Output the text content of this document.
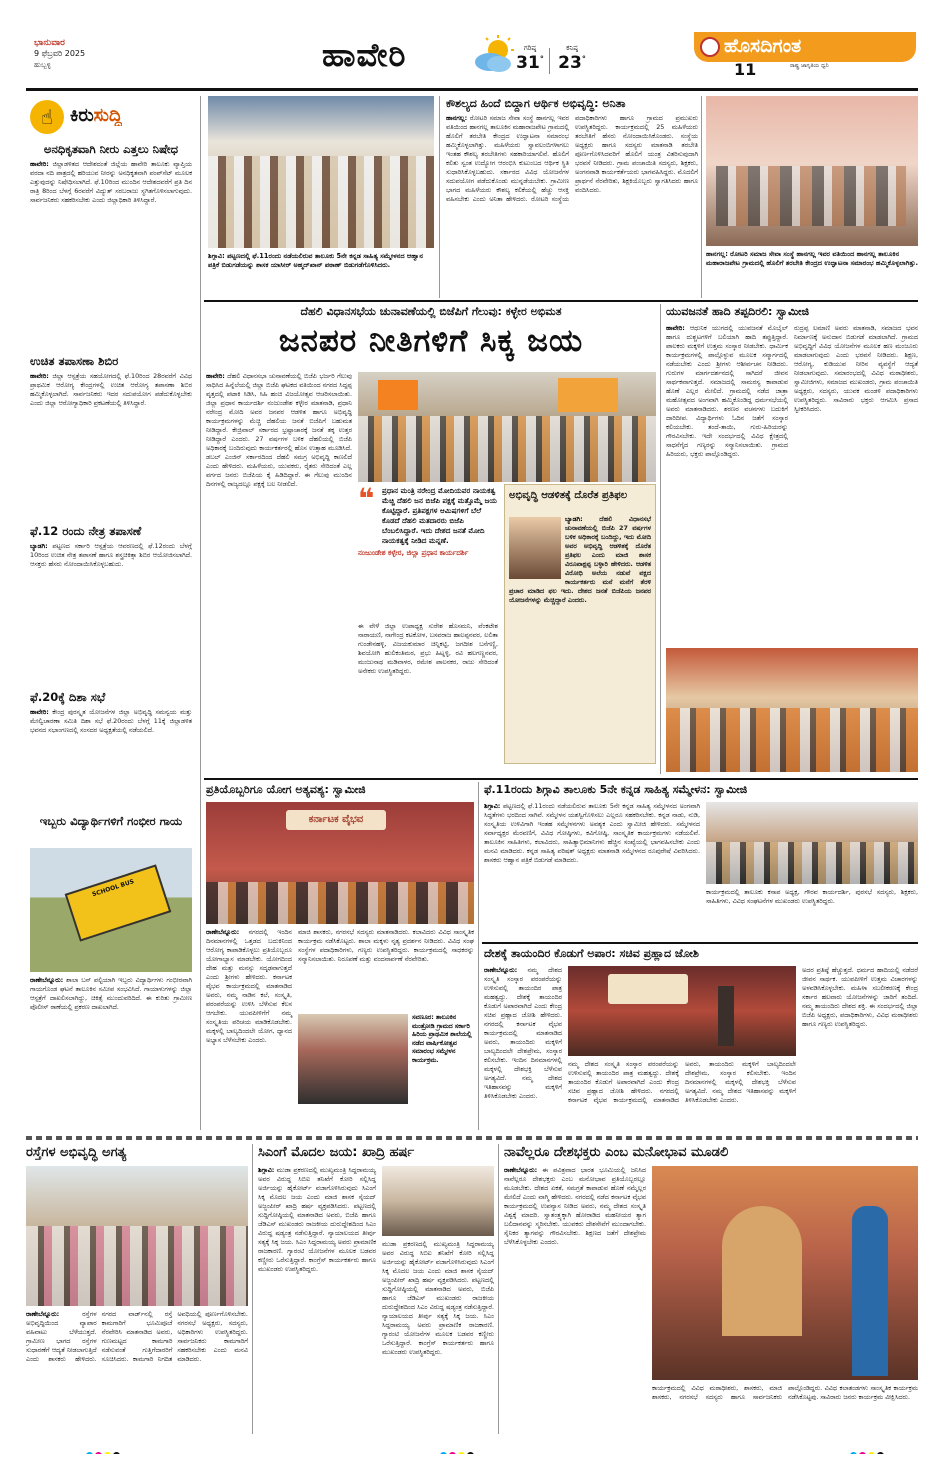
ಭಾನುವಾರ
9 ಫೆಬ್ರವರಿ 2025
ಹುಬ್ಬಳ್ಳಿ	ಹಾವೇರಿ	ಗರಿಷ್ಠ
31°
ಕನಿಷ್ಠ
23°
ಹೊಸದಿಗಂತ
ರಾಷ್ಟ್ರ ಜಾಗೃತಿಯ ಧ್ವನಿ
11
☝ ಕಿರುಸುದ್ದಿ
ಅನಧಿಕೃತವಾಗಿ ನೀರು ಎತ್ತಲು ನಿಷೇಧ
ಹಾವೇರಿ: ಜಿಲ್ಲಾಡಳಿತದ ಆದೇಶದಂತೆ ಜಿಲ್ಲೆಯ ಹಾವೇರಿ ತಾಲೂಕು ವ್ಯಾಪ್ತಿಯ ವರದಾ ನದಿ ಪಾತ್ರದಲ್ಲಿ ಹರಿಯುವ ನೀರನ್ನು ಅನಧಿಕೃತವಾಗಿ ಪಂಪ್‌ಸೆಟ್ ಮೂಲಕ ಎತ್ತುವುದನ್ನು ನಿಷೇಧಿಸಲಾಗಿದೆ. ಫೆ.10ರಿಂದ ಮುಂದಿನ ಆದೇಶದವರೆಗೆ ಪ್ರತಿ ದಿನ ರಾತ್ರಿ 8ರಿಂದ ಬೆಳಗ್ಗೆ 6ರವರೆಗೆ ವಿದ್ಯುತ್ ಸರಬರಾಜು ಸ್ಥಗಿತಗೊಳಿಸಲಾಗುವುದು. ಸಾರ್ವಜನಿಕರು ಸಹಕರಿಸಬೇಕು ಎಂದು ಜಿಲ್ಲಾಧಿಕಾರಿ ತಿಳಿಸಿದ್ದಾರೆ.
ಉಚಿತ ತಪಾಸಣಾ ಶಿಬಿರ
ಹಾವೇರಿ: ಜಿಲ್ಲಾ ಆಸ್ಪತ್ರೆಯ ಸಹಯೋಗದಲ್ಲಿ ಫೆ.10ರಿಂದ 28ರವರೆಗೆ ವಿವಿಧ ಪ್ರಾಥಮಿಕ ಆರೋಗ್ಯ ಕೇಂದ್ರಗಳಲ್ಲಿ ಉಚಿತ ಆರೋಗ್ಯ ತಪಾಸಣಾ ಶಿಬಿರ ಹಮ್ಮಿಕೊಳ್ಳಲಾಗಿದೆ. ಸಾರ್ವಜನಿಕರು ಇದರ ಸದುಪಯೋಗ ಪಡೆದುಕೊಳ್ಳಬೇಕು ಎಂದು ಜಿಲ್ಲಾ ಆರೋಗ್ಯಾಧಿಕಾರಿ ಪ್ರಕಟಣೆಯಲ್ಲಿ ತಿಳಿಸಿದ್ದಾರೆ.
ಫೆ.12 ರಂದು ನೇತ್ರ ತಪಾಸಣೆ
ಬ್ಯಾಡಗಿ: ಪಟ್ಟಣದ ಸರ್ಕಾರಿ ಆಸ್ಪತ್ರೆಯ ಆವರಣದಲ್ಲಿ ಫೆ.12ರಂದು ಬೆಳಗ್ಗೆ 10ರಿಂದ ಉಚಿತ ನೇತ್ರ ತಪಾಸಣೆ ಹಾಗೂ ಶಸ್ತ್ರಚಿಕಿತ್ಸಾ ಶಿಬಿರ ಆಯೋಜಿಸಲಾಗಿದೆ. ಆಸಕ್ತರು ಹೆಸರು ನೋಂದಾಯಿಸಿಕೊಳ್ಳಬಹುದು.
ಫೆ.20ಕ್ಕೆ ದಿಶಾ ಸಭೆ
ಹಾವೇರಿ: ಕೇಂದ್ರ ಪುರಸ್ಕೃತ ಯೋಜನೆಗಳ ಜಿಲ್ಲಾ ಅಭಿವೃದ್ಧಿ ಸಮನ್ವಯ ಮತ್ತು ಮೇಲ್ವಿಚಾರಣಾ ಸಮಿತಿ ದಿಶಾ ಸಭೆ ಫೆ.20ರಂದು ಬೆಳಗ್ಗೆ 11ಕ್ಕೆ ಜಿಲ್ಲಾಡಳಿತ ಭವನದ ಸಭಾಂಗಣದಲ್ಲಿ ಸಂಸದರ ಅಧ್ಯಕ್ಷತೆಯಲ್ಲಿ ನಡೆಯಲಿದೆ.
ಇಬ್ಬರು ವಿದ್ಯಾರ್ಥಿಗಳಿಗೆ ಗಂಭೀರ ಗಾಯ
SCHOOL BUS
ರಾಣೇಬೆನ್ನೂರು: ಶಾಲಾ ಬಸ್ ಪಲ್ಟಿಯಾಗಿ ಇಬ್ಬರು ವಿದ್ಯಾರ್ಥಿಗಳು ಗಂಭೀರವಾಗಿ ಗಾಯಗೊಂಡ ಘಟನೆ ತಾಲೂಕಿನ ಸಮೀಪ ಸಂಭವಿಸಿದೆ. ಗಾಯಾಳುಗಳನ್ನು ಜಿಲ್ಲಾ ಆಸ್ಪತ್ರೆಗೆ ದಾಖಲಿಸಲಾಗಿದ್ದು, ಚಿಕಿತ್ಸೆ ಮುಂದುವರಿದಿದೆ. ಈ ಕುರಿತು ಗ್ರಾಮೀಣ ಪೊಲೀಸ್ ಠಾಣೆಯಲ್ಲಿ ಪ್ರಕರಣ ದಾಖಲಾಗಿದೆ.
ಶಿಗ್ಗಾವಿ: ಪಟ್ಟಣದಲ್ಲಿ ಫೆ.11ರಂದು ನಡೆಯಲಿರುವ ತಾಲೂಕು 5ನೇ ಕನ್ನಡ ಸಾಹಿತ್ಯ ಸಮ್ಮೇಳನದ ಆಹ್ವಾನ ಪತ್ರಿಕೆ ಬಿಡುಗಡೆಯನ್ನು ಶಾಸಕ ಯಾಸೀರ್ ಅಹ್ಮದ್‌ಖಾನ್ ಪಠಾಣ್ ಬಿಡುಗಡೆಗೊಳಿಸಿದರು.
ಕೌಶಲ್ಯದ ಹಿಂದೆ ಬಿದ್ದಾಗ ಆರ್ಥಿಕ ಅಭಿವೃದ್ಧಿ: ಅನಿತಾ
ಹಾನಗಲ್ಲ: ರೋಟರಿ ಸಮಾಜ ಸೇವಾ ಸಂಸ್ಥೆ ಹಾನಗಲ್ಲ ಇವರ ವತಿಯಿಂದ ಹಾನಗಲ್ಲ ತಾಲೂಕಿನ ಮಹಾರಾಜಪೇಟ ಗ್ರಾಮದಲ್ಲಿ ಹೊಲಿಗೆ ತರಬೇತಿ ಕೇಂದ್ರದ ಉದ್ಘಾಟನಾ ಸಮಾರಂಭ ಹಮ್ಮಿಕೊಳ್ಳಲಾಗಿತ್ತು. ಮಹಿಳೆಯರು ಸ್ವಾವಲಂಬಿಗಳಾಗಲು ಇಂತಹ ಕೌಶಲ್ಯ ತರಬೇತಿಗಳು ಸಹಕಾರಿಯಾಗಲಿವೆ. ಹೊಲಿಗೆ ಕಲಿತು ಸ್ವಂತ ಉದ್ಯೋಗ ಆರಂಭಿಸಿ ಕುಟುಂಬದ ಆರ್ಥಿಕ ಸ್ಥಿತಿ ಸುಧಾರಿಸಿಕೊಳ್ಳಬಹುದು. ಸರ್ಕಾರದ ವಿವಿಧ ಯೋಜನೆಗಳ ಸದುಪಯೋಗ ಪಡೆದುಕೊಂಡು ಮುನ್ನಡೆಯಬೇಕು. ಗ್ರಾಮೀಣ ಭಾಗದ ಮಹಿಳೆಯರು ಕೌಶಲ್ಯ ಕಲಿಕೆಯಲ್ಲಿ ಹೆಚ್ಚು ಆಸಕ್ತಿ ವಹಿಸಬೇಕು ಎಂದು ಅನಿತಾ ಹೇಳಿದರು. ರೋಟರಿ ಸಂಸ್ಥೆಯ ಪದಾಧಿಕಾರಿಗಳು ಹಾಗೂ ಗ್ರಾಮದ ಪ್ರಮುಖರು ಉಪಸ್ಥಿತರಿದ್ದರು. ಕಾರ್ಯಕ್ರಮದಲ್ಲಿ 25 ಮಹಿಳೆಯರು ತರಬೇತಿಗೆ ಹೆಸರು ನೋಂದಾಯಿಸಿಕೊಂಡರು. ಸಂಸ್ಥೆಯ ಅಧ್ಯಕ್ಷರು ಹಾಗೂ ಸದಸ್ಯರು ಮಾತನಾಡಿ ತರಬೇತಿ ಪೂರ್ಣಗೊಳಿಸಿದವರಿಗೆ ಹೊಲಿಗೆ ಯಂತ್ರ ವಿತರಿಸುವುದಾಗಿ ಭರವಸೆ ನೀಡಿದರು. ಗ್ರಾಮ ಪಂಚಾಯಿತಿ ಸದಸ್ಯರು, ಶಿಕ್ಷಕರು, ಅಂಗನವಾಡಿ ಕಾರ್ಯಕರ್ತೆಯರು ಭಾಗವಹಿಸಿದ್ದರು. ಮೊದಲಿಗೆ ಪ್ರಾರ್ಥನೆ ನೆರವೇರಿತು, ಶಿಕ್ಷಕಿಯೊಬ್ಬರು ಸ್ವಾಗತಿಸಿದರು ಹಾಗೂ ವಂದಿಸಿದರು.
ಹಾನಗಲ್ಲ: ರೋಟರಿ ಸಮಾಜ ಸೇವಾ ಸಂಸ್ಥೆ ಹಾನಗಲ್ಲ ಇವರ ವತಿಯಿಂದ ಹಾನಗಲ್ಲ ತಾಲೂಕಿನ ಮಹಾರಾಜಪೇಟ ಗ್ರಾಮದಲ್ಲಿ ಹೊಲಿಗೆ ತರಬೇತಿ ಕೇಂದ್ರದ ಉದ್ಘಾಟನಾ ಸಮಾರಂಭ ಹಮ್ಮಿಕೊಳ್ಳಲಾಗಿತ್ತು.
ದೆಹಲಿ ವಿಧಾನಸಭೆಯ ಚುನಾವಣೆಯಲ್ಲಿ ಬಿಜೆಪಿಗೆ ಗೆಲುವು: ಕಳ್ಳೇರ ಅಭಿಮತ
ಜನಪರ ನೀತಿಗಳಿಗೆ ಸಿಕ್ಕ ಜಯ
ಹಾವೇರಿ: ದೆಹಲಿ ವಿಧಾನಸಭಾ ಚುನಾವಣೆಯಲ್ಲಿ ಬಿಜೆಪಿ ಭರ್ಜರಿ ಗೆಲುವು ಸಾಧಿಸಿದ ಹಿನ್ನೆಲೆಯಲ್ಲಿ ಜಿಲ್ಲಾ ಬಿಜೆಪಿ ಘಟಕದ ವತಿಯಿಂದ ನಗರದ ಸಿದ್ದಪ್ಪ ವೃತ್ತದಲ್ಲಿ ಪಟಾಕಿ ಸಿಡಿಸಿ, ಸಿಹಿ ಹಂಚಿ ವಿಜಯೋತ್ಸವ ಆಚರಿಸಲಾಯಿತು. ಜಿಲ್ಲಾ ಪ್ರಧಾನ ಕಾರ್ಯದರ್ಶಿ ನಂಜುಂಡೇಶ ಕಳ್ಳೇರ ಮಾತನಾಡಿ, ಪ್ರಧಾನಿ ನರೇಂದ್ರ ಮೋದಿ ಅವರ ಜನಪರ ಆಡಳಿತ ಹಾಗೂ ಅಭಿವೃದ್ಧಿ ಕಾರ್ಯಕ್ರಮಗಳನ್ನು ಮೆಚ್ಚಿ ದೆಹಲಿಯ ಜನತೆ ಬಿಜೆಪಿಗೆ ಬಹುಮತ ನೀಡಿದ್ದಾರೆ. ಕೇಜ್ರಿವಾಲ್ ಸರ್ಕಾರದ ಭ್ರಷ್ಟಾಚಾರಕ್ಕೆ ಜನತೆ ತಕ್ಕ ಉತ್ತರ ನೀಡಿದ್ದಾರೆ ಎಂದರು. 27 ವರ್ಷಗಳ ಬಳಿಕ ದೆಹಲಿಯಲ್ಲಿ ಬಿಜೆಪಿ ಅಧಿಕಾರಕ್ಕೆ ಬಂದಿರುವುದು ಕಾರ್ಯಕರ್ತರಲ್ಲಿ ಹೊಸ ಉತ್ಸಾಹ ಮೂಡಿಸಿದೆ. ಡಬಲ್ ಎಂಜಿನ್ ಸರ್ಕಾರದಿಂದ ದೆಹಲಿ ಸಮಗ್ರ ಅಭಿವೃದ್ಧಿ ಕಾಣಲಿದೆ ಎಂದು ಹೇಳಿದರು. ಮಹಿಳೆಯರು, ಯುವಕರು, ರೈತರು ಸೇರಿದಂತೆ ಎಲ್ಲ ವರ್ಗದ ಜನರು ಬಿಜೆಪಿಯ ಕೈ ಹಿಡಿದಿದ್ದಾರೆ. ಈ ಗೆಲುವು ಮುಂದಿನ ದಿನಗಳಲ್ಲಿ ರಾಜ್ಯದಲ್ಲೂ ಪಕ್ಷಕ್ಕೆ ಬಲ ನೀಡಲಿದೆ.	❝ ಪ್ರಧಾನ ಮಂತ್ರಿ ನರೇಂದ್ರ ಮೋದಿಯವರ ನಾಯಕತ್ವ ಮೆಚ್ಚಿ ದೆಹಲಿ ಜನ ಬಿಜೆಪಿ ಪಕ್ಷಕ್ಕೆ ಮತ್ತೊಮ್ಮೆ ಜಯ ಕೊಟ್ಟಿದ್ದಾರೆ. ಪ್ರತಿಪಕ್ಷಗಳ ಆಮಿಷಗಳಿಗೆ ಬೆಲೆ ಕೊಡದೆ ದೆಹಲಿ ಮತದಾರರು ಬಿಜೆಪಿ ಬೆಂಬಲಿಸಿದ್ದಾರೆ. ಇದು ದೇಶದ ಜನತೆ ಮೋದಿ ನಾಯಕತ್ವಕ್ಕೆ ನೀಡಿದ ಮನ್ನಣೆ.
ನಂಜುಂಡೇಶ ಕಳ್ಳೇರ, ಜಿಲ್ಲಾ ಪ್ರಧಾನ ಕಾರ್ಯದರ್ಶಿ
ಈ ವೇಳೆ ಜಿಲ್ಲಾ ಉಪಾಧ್ಯಕ್ಷ ಸುರೇಶ ಹೊಸಮನಿ, ವೆಂಕಟೇಶ ನಾರಾಯಣಿ, ನಾಗೇಂದ್ರ ಕಟಕೋಳ, ಬಸವರಾಜ ಹಾಲಪ್ಪನವರ, ಲಲಿತಾ ಗುಂಡೇನಹಳ್ಳಿ, ವಿಜಯಕುಮಾರ ಚಿನ್ನಿಕಟ್ಟಿ, ಜಗದೀಶ ಬಸೆಗಣ್ಣಿ, ಶಿವಯೋಗಿ ಹುಲಿಕಂತಿಮಠ, ಪ್ರಭು ಹಿಟ್ನಳ್ಳಿ, ರವಿ ಹಲಗಣ್ಣನವರ, ಮಂಜುನಾಥ ಮಡಿವಾಳರ, ರಮೇಶ ಪಾಲನಕರ, ರಾಜು ಸೇರಿದಂತೆ ಅನೇಕರು ಉಪಸ್ಥಿತರಿದ್ದರು.
ಅಭಿವೃದ್ಧಿ ಆಡಳಿತಕ್ಕೆ ದೊರೆತ ಪ್ರತಿಫಲ
ಬ್ಯಾಡಗಿ:	ದೆಹಲಿ ವಿಧಾನಸಭೆ ಚುನಾವಣೆಯಲ್ಲಿ ಬಿಜೆಪಿ 27 ವರ್ಷಗಳ ಬಳಿಕ ಅಧಿಕಾರಕ್ಕೆ ಬಂದಿದ್ದು, ಇದು ಮೋದಿ ಅವರ ಅಭಿವೃದ್ಧಿ ಆಡಳಿತಕ್ಕೆ ದೊರೆತ ಪ್ರತಿಫಲ ಎಂದು ಮಾಜಿ ಶಾಸಕ ವಿರೂಪಾಕ್ಷಪ್ಪ ಬಳ್ಳಾರಿ ಹೇಳಿದರು. ಆಡಳಿತ ವಿರೋಧಿ ಅಲೆಯ ನಡುವೆ ಪಕ್ಷದ ಕಾರ್ಯಕರ್ತರು ಮನೆ ಮನೆಗೆ ತೆರಳಿ ಪ್ರಚಾರ ಮಾಡಿದ ಫಲ ಇದು. ದೇಶದ ಜನತೆ ಬಿಜೆಪಿಯ ಜನಪರ ಯೋಜನೆಗಳನ್ನು ಮೆಚ್ಚಿದ್ದಾರೆ ಎಂದರು.
ಯುವಜನತೆ ಹಾದಿ ತಪ್ಪದಿರಲಿ: ಸ್ವಾಮೀಜಿ
ಹಾವೇರಿ: ಆಧುನಿಕ ಯುಗದಲ್ಲಿ ಯುವಜನತೆ ಮೊಬೈಲ್ ಹಾಗೂ ದುಶ್ಚಟಗಳಿಗೆ ಬಲಿಯಾಗಿ ಹಾದಿ ತಪ್ಪುತ್ತಿದ್ದಾರೆ. ಪಾಲಕರು ಮಕ್ಕಳಿಗೆ ಉತ್ತಮ ಸಂಸ್ಕಾರ ನೀಡಬೇಕು. ಧಾರ್ಮಿಕ ಕಾರ್ಯಕ್ರಮಗಳಲ್ಲಿ ಪಾಲ್ಗೊಳ್ಳುವ ಮೂಲಕ ಸನ್ಮಾರ್ಗದಲ್ಲಿ ನಡೆಯಬೇಕು ಎಂದು ಶ್ರೀಗಳು ಆಶೀರ್ವಚನ ನೀಡಿದರು. ಗುರುಗಳ ಮಾರ್ಗದರ್ಶನದಲ್ಲಿ ಸಾಗಿದರೆ ಜೀವನ ಸಾರ್ಥಕವಾಗುತ್ತದೆ. ಸಮಾಜದಲ್ಲಿ ಸಾಮರಸ್ಯ ಕಾಪಾಡುವ ಹೊಣೆ ಎಲ್ಲರ ಮೇಲಿದೆ. ಗ್ರಾಮದಲ್ಲಿ ನಡೆದ ಜಾತ್ರಾ ಮಹೋತ್ಸವದ ಅಂಗವಾಗಿ ಹಮ್ಮಿಕೊಂಡಿದ್ದ ಧರ್ಮಸಭೆಯಲ್ಲಿ ಅವರು ಮಾತನಾಡಿದರು. ಶರಣರ ವಚನಗಳು ಬದುಕಿಗೆ ದಾರಿದೀಪ. ವಿದ್ಯಾರ್ಥಿಗಳು ಓದಿನ ಜತೆಗೆ ಸಂಸ್ಕಾರ ಕಲಿಯಬೇಕು. ತಂದೆ-ತಾಯಿ, ಗುರು-ಹಿರಿಯರನ್ನು ಗೌರವಿಸಬೇಕು. ಇದೇ ಸಂದರ್ಭದಲ್ಲಿ ವಿವಿಧ ಕ್ಷೇತ್ರದಲ್ಲಿ ಸಾಧನೆಗೈದ ಗಣ್ಯರನ್ನು ಸನ್ಮಾನಿಸಲಾಯಿತು. ಗ್ರಾಮದ ಹಿರಿಯರು, ಭಕ್ತರು ಪಾಲ್ಗೊಂಡಿದ್ದರು.
ರುದ್ರಪ್ಪ ಲಮಾಣಿ ಅವರು ಮಾತನಾಡಿ, ಸಮಾಜದ ಭವನ ನಿರ್ಮಾಣಕ್ಕೆ ಅನುದಾನ ಬಿಡುಗಡೆ ಮಾಡಲಾಗಿದೆ. ಗ್ರಾಮದ ಅಭಿವೃದ್ಧಿಗೆ ವಿವಿಧ ಯೋಜನೆಗಳ ಮೂಲಕ ಹಣ ಮಂಜೂರು ಮಾಡಲಾಗುವುದು ಎಂದು ಭರವಸೆ ನೀಡಿದರು. ಶಿಕ್ಷಣ, ಆರೋಗ್ಯ, ಕುಡಿಯುವ ನೀರಿನ ವ್ಯವಸ್ಥೆಗೆ ಆದ್ಯತೆ ನೀಡಲಾಗುವುದು. ಸಮಾರಂಭದಲ್ಲಿ ವಿವಿಧ ಮಠಾಧೀಶರು, ಸ್ವಾಮೀಜಿಗಳು, ಸಮಾಜದ ಮುಖಂಡರು, ಗ್ರಾಮ ಪಂಚಾಯಿತಿ ಅಧ್ಯಕ್ಷರು, ಸದಸ್ಯರು, ಯುವಕ ಮಂಡಳಿ ಪದಾಧಿಕಾರಿಗಳು ಉಪಸ್ಥಿತರಿದ್ದರು. ಸಾವಿರಾರು ಭಕ್ತರು ಆಗಮಿಸಿ ಪ್ರಸಾದ ಸ್ವೀಕರಿಸಿದರು.
ಪ್ರತಿಯೊಬ್ಬರಿಗೂ ಯೋಗ ಅತ್ಯವಶ್ಯ: ಸ್ವಾಮೀಜಿ
ಕರ್ನಾಟಕ ವೈಭವ
ರಾಣೇಬೆನ್ನೂರು: ನಗರದಲ್ಲಿ ಇಂದಿನ ದಿನಮಾನಗಳಲ್ಲಿ ಒತ್ತಡದ ಬದುಕಿನಿಂದ ಆರೋಗ್ಯ ಕಾಪಾಡಿಕೊಳ್ಳಲು ಪ್ರತಿಯೊಬ್ಬರೂ ಯೋಗಾಭ್ಯಾಸ ಮಾಡಬೇಕು. ಯೋಗದಿಂದ ದೇಹ ಮತ್ತು ಮನಸ್ಸು ಸದೃಢವಾಗುತ್ತದೆ ಎಂದು ಶ್ರೀಗಳು ಹೇಳಿದರು. ಕರ್ನಾಟಕ ವೈಭವ ಕಾರ್ಯಕ್ರಮದಲ್ಲಿ ಮಾತನಾಡಿದ ಅವರು, ನಮ್ಮ ನಾಡಿನ ಕಲೆ, ಸಂಸ್ಕೃತಿ, ಪರಂಪರೆಯನ್ನು ಉಳಿಸಿ ಬೆಳೆಸುವ ಕೆಲಸ ಆಗಬೇಕು. ಯುವಪೀಳಿಗೆಗೆ ನಮ್ಮ ಸಂಸ್ಕೃತಿಯ ಪರಿಚಯ ಮಾಡಿಕೊಡಬೇಕು. ಮಕ್ಕಳಲ್ಲಿ ಬಾಲ್ಯದಿಂದಲೇ ಯೋಗ, ಧ್ಯಾನದ ಅಭ್ಯಾಸ ಬೆಳೆಸಬೇಕು ಎಂದರು.
ಮಾಜಿ ಶಾಸಕರು, ನಗರಸಭೆ ಸದಸ್ಯರು ಮಾತನಾಡಿದರು. ಕಲಾವಿದರು ವಿವಿಧ ಸಾಂಸ್ಕೃತಿಕ ಕಾರ್ಯಕ್ರಮ ನಡೆಸಿಕೊಟ್ಟರು. ಶಾಲಾ ಮಕ್ಕಳು ನೃತ್ಯ ಪ್ರದರ್ಶನ ನೀಡಿದರು. ವಿವಿಧ ಸಂಘ ಸಂಸ್ಥೆಗಳ ಪದಾಧಿಕಾರಿಗಳು, ಗಣ್ಯರು ಉಪಸ್ಥಿತರಿದ್ದರು. ಕಾರ್ಯಕ್ರಮದಲ್ಲಿ ಸಾಧಕರನ್ನು ಸನ್ಮಾನಿಸಲಾಯಿತು. ನಿರೂಪಣೆ ಮತ್ತು ವಂದನಾರ್ಪಣೆ ನೆರವೇರಿತು.
ಸವಣೂರ: ತಾಲೂಕಿನ ಮಂತ್ರೋಡಿ ಗ್ರಾಮದ ಸರ್ಕಾರಿ ಹಿರಿಯ ಪ್ರಾಥಮಿಕ ಶಾಲೆಯಲ್ಲಿ ನಡೆದ ವಾರ್ಷಿಕೋತ್ಸವ ಸಮಾರಂಭ ಸಮ್ಮೇಳನ ಕಾರ್ಯಕ್ರಮ.
ಫೆ.11ರಂದು ಶಿಗ್ಗಾವಿ ತಾಲೂಕು 5ನೇ ಕನ್ನಡ ಸಾಹಿತ್ಯ ಸಮ್ಮೇಳನ: ಸ್ವಾಮೀಜಿ
ಶಿಗ್ಗಾವಿ: ಪಟ್ಟಣದಲ್ಲಿ ಫೆ.11ರಂದು ನಡೆಯಲಿರುವ ತಾಲೂಕು 5ನೇ ಕನ್ನಡ ಸಾಹಿತ್ಯ ಸಮ್ಮೇಳನದ ಅಂಗವಾಗಿ ಸಿದ್ಧತೆಗಳು ಭರದಿಂದ ಸಾಗಿವೆ. ಸಮ್ಮೇಳನ ಯಶಸ್ವಿಗೊಳಿಸಲು ಎಲ್ಲರೂ ಸಹಕರಿಸಬೇಕು. ಕನ್ನಡ ನಾಡು, ನುಡಿ, ಸಂಸ್ಕೃತಿಯ ಉಳಿವಿಗಾಗಿ ಇಂತಹ ಸಮ್ಮೇಳನಗಳು ಅವಶ್ಯಕ ಎಂದು ಸ್ವಾಮೀಜಿ ಹೇಳಿದರು. ಸಮ್ಮೇಳನದ ಸರ್ವಾಧ್ಯಕ್ಷರ ಮೆರವಣಿಗೆ, ವಿವಿಧ ಗೋಷ್ಠಿಗಳು, ಕವಿಗೋಷ್ಠಿ, ಸಾಂಸ್ಕೃತಿಕ ಕಾರ್ಯಕ್ರಮಗಳು ನಡೆಯಲಿವೆ. ತಾಲೂಕಿನ ಸಾಹಿತಿಗಳು, ಕಲಾವಿದರು, ಸಾಹಿತ್ಯಾಭಿಮಾನಿಗಳು ಹೆಚ್ಚಿನ ಸಂಖ್ಯೆಯಲ್ಲಿ ಭಾಗವಹಿಸಬೇಕು ಎಂದು ಮನವಿ ಮಾಡಿದರು. ಕನ್ನಡ ಸಾಹಿತ್ಯ ಪರಿಷತ್ ಅಧ್ಯಕ್ಷರು ಮಾತನಾಡಿ ಸಮ್ಮೇಳನದ ರೂಪುರೇಷೆ ವಿವರಿಸಿದರು. ಶಾಸಕರು ಆಹ್ವಾನ ಪತ್ರಿಕೆ ಬಿಡುಗಡೆ ಮಾಡಿದರು.
ಕಾರ್ಯಕ್ರಮದಲ್ಲಿ ತಾಲೂಕು ಕಸಾಪ ಅಧ್ಯಕ್ಷ, ಗೌರವ ಕಾರ್ಯದರ್ಶಿ, ಪುರಸಭೆ ಸದಸ್ಯರು, ಶಿಕ್ಷಕರು, ಸಾಹಿತಿಗಳು, ವಿವಿಧ ಸಂಘಟನೆಗಳ ಮುಖಂಡರು ಉಪಸ್ಥಿತರಿದ್ದರು.
ದೇಶಕ್ಕೆ ತಾಯಂದಿರ ಕೊಡುಗೆ ಅಪಾರ: ಸಚಿವ ಪ್ರಹ್ಲಾದ ಜೋಶಿ
ರಾಣೇಬೆನ್ನೂರು: ನಮ್ಮ ದೇಶದ ಸಂಸ್ಕೃತಿ ಸಂಸ್ಕಾರ ಪರಂಪರೆಯನ್ನು ಉಳಿಸುವಲ್ಲಿ ತಾಯಂದಿರ ಪಾತ್ರ ಮಹತ್ವದ್ದು. ದೇಶಕ್ಕೆ ತಾಯಂದಿರ ಕೊಡುಗೆ ಅಪಾರವಾಗಿದೆ ಎಂದು ಕೇಂದ್ರ ಸಚಿವ ಪ್ರಹ್ಲಾದ ಜೋಶಿ ಹೇಳಿದರು. ನಗರದಲ್ಲಿ ಕರ್ನಾಟಕ ವೈಭವ ಕಾರ್ಯಕ್ರಮದಲ್ಲಿ ಮಾತನಾಡಿದ ಅವರು, ತಾಯಂದಿರು ಮಕ್ಕಳಿಗೆ ಬಾಲ್ಯದಿಂದಲೇ ದೇಶಪ್ರೇಮ, ಸಂಸ್ಕಾರ ಕಲಿಸಬೇಕು. ಇಂದಿನ ದಿನಮಾನಗಳಲ್ಲಿ ಮಕ್ಕಳಲ್ಲಿ ದೇಶಭಕ್ತಿ ಬೆಳೆಸುವ ಅಗತ್ಯವಿದೆ. ನಮ್ಮ ದೇಶದ ಇತಿಹಾಸವನ್ನು ಮಕ್ಕಳಿಗೆ ತಿಳಿಸಿಕೊಡಬೇಕು ಎಂದರು.
ನಮ್ಮ ದೇಶದ ಸಂಸ್ಕೃತಿ ಸಂಸ್ಕಾರ ಪರಂಪರೆಯನ್ನು ಉಳಿಸುವಲ್ಲಿ ತಾಯಂದಿರ ಪಾತ್ರ ಮಹತ್ವದ್ದು. ದೇಶಕ್ಕೆ ತಾಯಂದಿರ ಕೊಡುಗೆ ಅಪಾರವಾಗಿದೆ ಎಂದು ಕೇಂದ್ರ ಸಚಿವ ಪ್ರಹ್ಲಾದ ಜೋಶಿ ಹೇಳಿದರು. ನಗರದಲ್ಲಿ ಕರ್ನಾಟಕ ವೈಭವ ಕಾರ್ಯಕ್ರಮದಲ್ಲಿ ಮಾತನಾಡಿದ ಅವರು, ತಾಯಂದಿರು ಮಕ್ಕಳಿಗೆ ಬಾಲ್ಯದಿಂದಲೇ ದೇಶಪ್ರೇಮ, ಸಂಸ್ಕಾರ ಕಲಿಸಬೇಕು. ಇಂದಿನ ದಿನಮಾನಗಳಲ್ಲಿ ಮಕ್ಕಳಲ್ಲಿ ದೇಶಭಕ್ತಿ ಬೆಳೆಸುವ ಅಗತ್ಯವಿದೆ. ನಮ್ಮ ದೇಶದ ಇತಿಹಾಸವನ್ನು ಮಕ್ಕಳಿಗೆ ತಿಳಿಸಿಕೊಡಬೇಕು ಎಂದರು.
ಅದರ ಪ್ರತಿಷ್ಠೆ ಹೆಚ್ಚುತ್ತದೆ. ಧರ್ಮದ ಹಾದಿಯಲ್ಲಿ ನಡೆದರೆ ಜೀವನ ಸಾರ್ಥಕ. ಯುವಪೀಳಿಗೆ ಉತ್ತಮ ವಿಚಾರಗಳನ್ನು ಅಳವಡಿಸಿಕೊಳ್ಳಬೇಕು. ಮಹಿಳಾ ಸಬಲೀಕರಣಕ್ಕೆ ಕೇಂದ್ರ ಸರ್ಕಾರ ಹಲವಾರು ಯೋಜನೆಗಳನ್ನು ಜಾರಿಗೆ ತಂದಿದೆ. ನಮ್ಮ ತಾಯಂದಿರು ದೇಶದ ಶಕ್ತಿ. ಈ ಸಂದರ್ಭದಲ್ಲಿ ಜಿಲ್ಲಾ ಬಿಜೆಪಿ ಅಧ್ಯಕ್ಷರು, ಪದಾಧಿಕಾರಿಗಳು, ವಿವಿಧ ಮಠಾಧೀಶರು ಹಾಗೂ ಗಣ್ಯರು ಉಪಸ್ಥಿತರಿದ್ದರು.
ರಸ್ತೆಗಳ ಅಭಿವೃದ್ಧಿ ಅಗತ್ಯ
ರಾಣೇಬೆನ್ನೂರು:	ರಸ್ತೆಗಳ ಅಭಿವೃದ್ಧಿಯಿಂದ ವ್ಯಾಪಾರ ವಹಿವಾಟು ಬೆಳೆಯುತ್ತದೆ. ಗ್ರಾಮೀಣ ಭಾಗದ ರಸ್ತೆಗಳ ಸುಧಾರಣೆಗೆ ಆದ್ಯತೆ ನೀಡಲಾಗುತ್ತಿದೆ ಎಂದು ಶಾಸಕರು ಹೇಳಿದರು. ನಗರದ ವಾರ್ಡ್‌ನಲ್ಲಿ ರಸ್ತೆ ಕಾಮಗಾರಿಗೆ ಭೂಮಿಪೂಜೆ ನೆರವೇರಿಸಿ ಮಾತನಾಡಿದ ಅವರು, ಗುಣಮಟ್ಟದ ಕಾಮಗಾರಿ ನಡೆಸುವಂತೆ ಗುತ್ತಿಗೆದಾರರಿಗೆ ಸೂಚಿಸಿದರು. ಕಾಮಗಾರಿ ನಿಗದಿತ ಅವಧಿಯಲ್ಲಿ ಪೂರ್ಣಗೊಳಿಸಬೇಕು. ನಗರಸಭೆ ಅಧ್ಯಕ್ಷರು, ಸದಸ್ಯರು, ಅಧಿಕಾರಿಗಳು ಉಪಸ್ಥಿತರಿದ್ದರು. ಸಾರ್ವಜನಿಕರು ಕಾಮಗಾರಿಗೆ ಸಹಕರಿಸಬೇಕು ಎಂದು ಮನವಿ ಮಾಡಿದರು.
ಸಿಎಂಗೆ ಮೊದಲ ಜಯ: ಖಾದ್ರಿ ಹರ್ಷ
ಶಿಗ್ಗಾವಿ: ಮುಡಾ ಪ್ರಕರಣದಲ್ಲಿ ಮುಖ್ಯಮಂತ್ರಿ ಸಿದ್ದರಾಮಯ್ಯ ಅವರ ವಿರುದ್ಧ ಸಿಬಿಐ ತನಿಖೆಗೆ ಕೋರಿ ಸಲ್ಲಿಸಿದ್ದ ಅರ್ಜಿಯನ್ನು ಹೈಕೋರ್ಟ್ ವಜಾಗೊಳಿಸಿರುವುದು ಸಿಎಂಗೆ ಸಿಕ್ಕ ಮೊದಲ ಜಯ ಎಂದು ಮಾಜಿ ಶಾಸಕ ಸೈಯದ್ ಅಜ್ಜಂಪೀರ್ ಖಾದ್ರಿ ಹರ್ಷ ವ್ಯಕ್ತಪಡಿಸಿದರು. ಪಟ್ಟಣದಲ್ಲಿ ಸುದ್ದಿಗೋಷ್ಠಿಯಲ್ಲಿ ಮಾತನಾಡಿದ ಅವರು, ಬಿಜೆಪಿ ಹಾಗೂ ಜೆಡಿಎಸ್ ಮುಖಂಡರು ರಾಜಕೀಯ ದುರುದ್ದೇಶದಿಂದ ಸಿಎಂ ವಿರುದ್ಧ ಷಡ್ಯಂತ್ರ ನಡೆಸುತ್ತಿದ್ದಾರೆ. ನ್ಯಾಯಾಲಯದ ತೀರ್ಪು ಸತ್ಯಕ್ಕೆ ಸಿಕ್ಕ ಜಯ. ಸಿಎಂ ಸಿದ್ದರಾಮಯ್ಯ ಅವರು ಪ್ರಾಮಾಣಿಕ ರಾಜಕಾರಣಿ. ಗ್ಯಾರಂಟಿ ಯೋಜನೆಗಳ ಮೂಲಕ ಬಡವರ ಕಣ್ಣೀರು ಒರೆಸುತ್ತಿದ್ದಾರೆ. ಕಾಂಗ್ರೆಸ್ ಕಾರ್ಯಕರ್ತರು ಹಾಗೂ ಮುಖಂಡರು ಉಪಸ್ಥಿತರಿದ್ದರು.
ಮುಡಾ ಪ್ರಕರಣದಲ್ಲಿ ಮುಖ್ಯಮಂತ್ರಿ ಸಿದ್ದರಾಮಯ್ಯ ಅವರ ವಿರುದ್ಧ ಸಿಬಿಐ ತನಿಖೆಗೆ ಕೋರಿ ಸಲ್ಲಿಸಿದ್ದ ಅರ್ಜಿಯನ್ನು ಹೈಕೋರ್ಟ್ ವಜಾಗೊಳಿಸಿರುವುದು ಸಿಎಂಗೆ ಸಿಕ್ಕ ಮೊದಲ ಜಯ ಎಂದು ಮಾಜಿ ಶಾಸಕ ಸೈಯದ್ ಅಜ್ಜಂಪೀರ್ ಖಾದ್ರಿ ಹರ್ಷ ವ್ಯಕ್ತಪಡಿಸಿದರು. ಪಟ್ಟಣದಲ್ಲಿ ಸುದ್ದಿಗೋಷ್ಠಿಯಲ್ಲಿ ಮಾತನಾಡಿದ ಅವರು, ಬಿಜೆಪಿ ಹಾಗೂ ಜೆಡಿಎಸ್ ಮುಖಂಡರು ರಾಜಕೀಯ ದುರುದ್ದೇಶದಿಂದ ಸಿಎಂ ವಿರುದ್ಧ ಷಡ್ಯಂತ್ರ ನಡೆಸುತ್ತಿದ್ದಾರೆ. ನ್ಯಾಯಾಲಯದ ತೀರ್ಪು ಸತ್ಯಕ್ಕೆ ಸಿಕ್ಕ ಜಯ. ಸಿಎಂ ಸಿದ್ದರಾಮಯ್ಯ ಅವರು ಪ್ರಾಮಾಣಿಕ ರಾಜಕಾರಣಿ. ಗ್ಯಾರಂಟಿ ಯೋಜನೆಗಳ ಮೂಲಕ ಬಡವರ ಕಣ್ಣೀರು ಒರೆಸುತ್ತಿದ್ದಾರೆ. ಕಾಂಗ್ರೆಸ್ ಕಾರ್ಯಕರ್ತರು ಹಾಗೂ ಮುಖಂಡರು ಉಪಸ್ಥಿತರಿದ್ದರು.
ನಾವೆಲ್ಲರೂ ದೇಶಭಕ್ತರು ಎಂಬ ಮನೋಭಾವ ಮೂಡಲಿ
ರಾಣೇಬೆನ್ನೂರು: ಈ ಪವಿತ್ರವಾದ ಭಾರತ ಭೂಮಿಯಲ್ಲಿ ಜನಿಸಿದ ನಾವೆಲ್ಲರೂ ದೇಶಭಕ್ತರು ಎಂಬ ಮನೋಭಾವ ಪ್ರತಿಯೊಬ್ಬರಲ್ಲೂ ಮೂಡಬೇಕು. ದೇಶದ ಏಕತೆ, ಸಮಗ್ರತೆ ಕಾಪಾಡುವ ಹೊಣೆ ನಮ್ಮೆಲ್ಲರ ಮೇಲಿದೆ ಎಂದು ವಾಗ್ಮಿ ಹೇಳಿದರು. ನಗರದಲ್ಲಿ ನಡೆದ ಕರ್ನಾಟಕ ವೈಭವ ಕಾರ್ಯಕ್ರಮದಲ್ಲಿ ಉಪನ್ಯಾಸ ನೀಡಿದ ಅವರು, ನಮ್ಮ ದೇಶದ ಸಂಸ್ಕೃತಿ ವಿಶ್ವಕ್ಕೆ ಮಾದರಿ. ಸ್ವಾತಂತ್ರ್ಯಕ್ಕಾಗಿ ಹೋರಾಡಿದ ಮಹನೀಯರ ತ್ಯಾಗ ಬಲಿದಾನವನ್ನು ಸ್ಮರಿಸಬೇಕು. ಯುವಕರು ದೇಶಸೇವೆಗೆ ಮುಂದಾಗಬೇಕು. ಸೈನಿಕರ ತ್ಯಾಗವನ್ನು ಗೌರವಿಸಬೇಕು. ಶಿಕ್ಷಣದ ಜತೆಗೆ ದೇಶಪ್ರೇಮ ಬೆಳೆಸಿಕೊಳ್ಳಬೇಕು ಎಂದರು.
ಕಾರ್ಯಕ್ರಮದಲ್ಲಿ ವಿವಿಧ ಮಠಾಧೀಶರು, ಶಾಸಕರು, ಮಾಜಿ ಶಾಸಕರು, ನಗರಸಭೆ ಸದಸ್ಯರು ಹಾಗೂ ಸಾರ್ವಜನಿಕರು ಪಾಲ್ಗೊಂಡಿದ್ದರು. ವಿವಿಧ ಕಲಾತಂಡಗಳು ಸಾಂಸ್ಕೃತಿಕ ಕಾರ್ಯಕ್ರಮ ನಡೆಸಿಕೊಟ್ಟವು. ಸಾವಿರಾರು ಜನರು ಕಾರ್ಯಕ್ರಮ ವೀಕ್ಷಿಸಿದರು.
